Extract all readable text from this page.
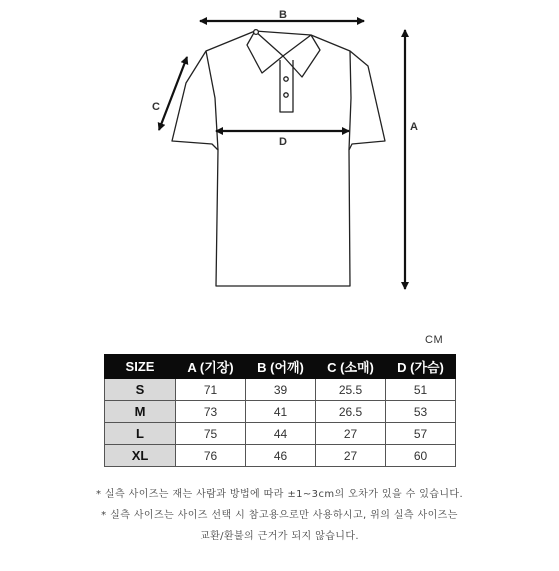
B
C
D
A
CM
SIZE	A (기장)	B (어깨)	C (소매)	D (가슴)
S	71	39	25.5	51
M	73	41	26.5	53
L	75	44	27	57
XL	76	46	27	60

* 실측 사이즈는 재는 사람과 방법에 따라 ±1~3cm의 오차가 있을 수 있습니다.

* 실측 사이즈는 사이즈 선택 시 참고용으로만 사용하시고, 위의 실측 사이즈는

교환/환불의 근거가 되지 않습니다.
